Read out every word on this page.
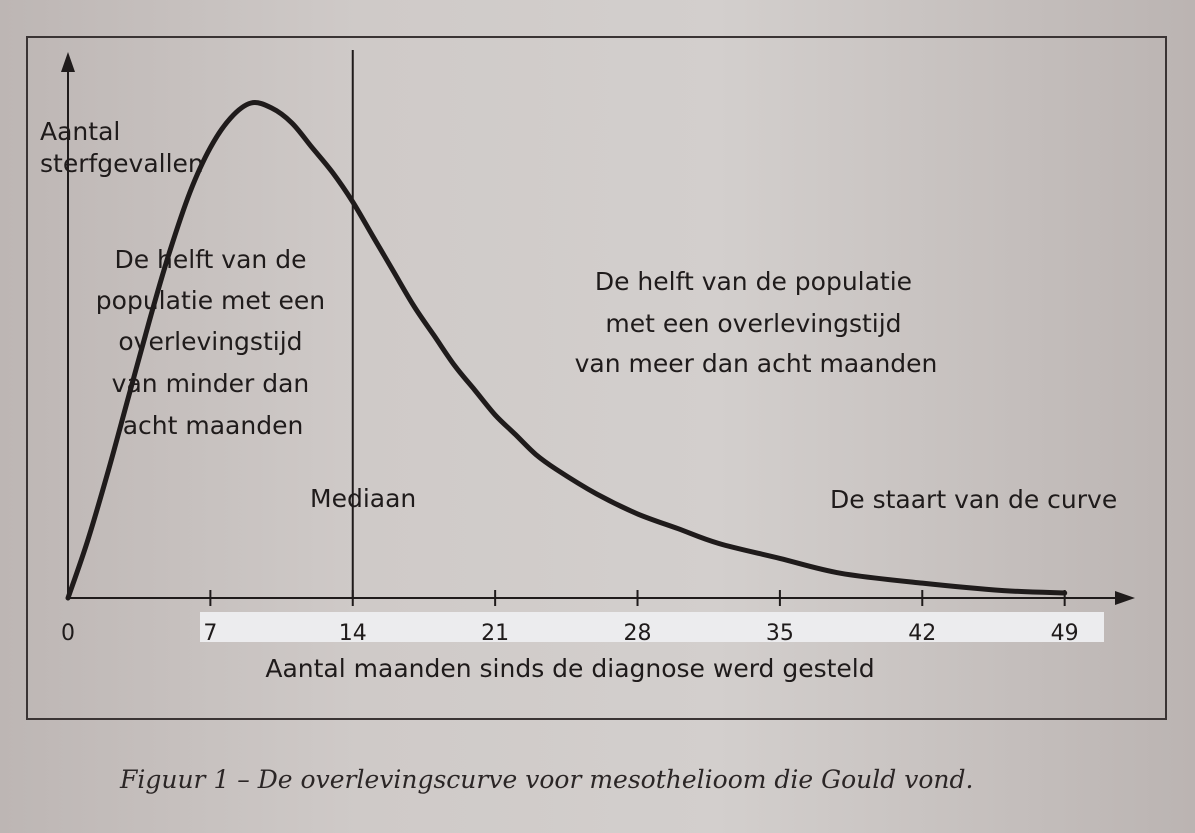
0	7	14	21	28	35	42	49
Aantal sterfgevallen
De helft van de populatie met een overlevingstijd van minder dan acht maanden
De helft van de populatie met een overlevingstijd van meer dan acht maanden
Mediaan	De staart van de curve
Aantal maanden sinds de diagnose werd gesteld
Figuur 1 – De overlevingscurve voor mesothelioom die Gould vond.
